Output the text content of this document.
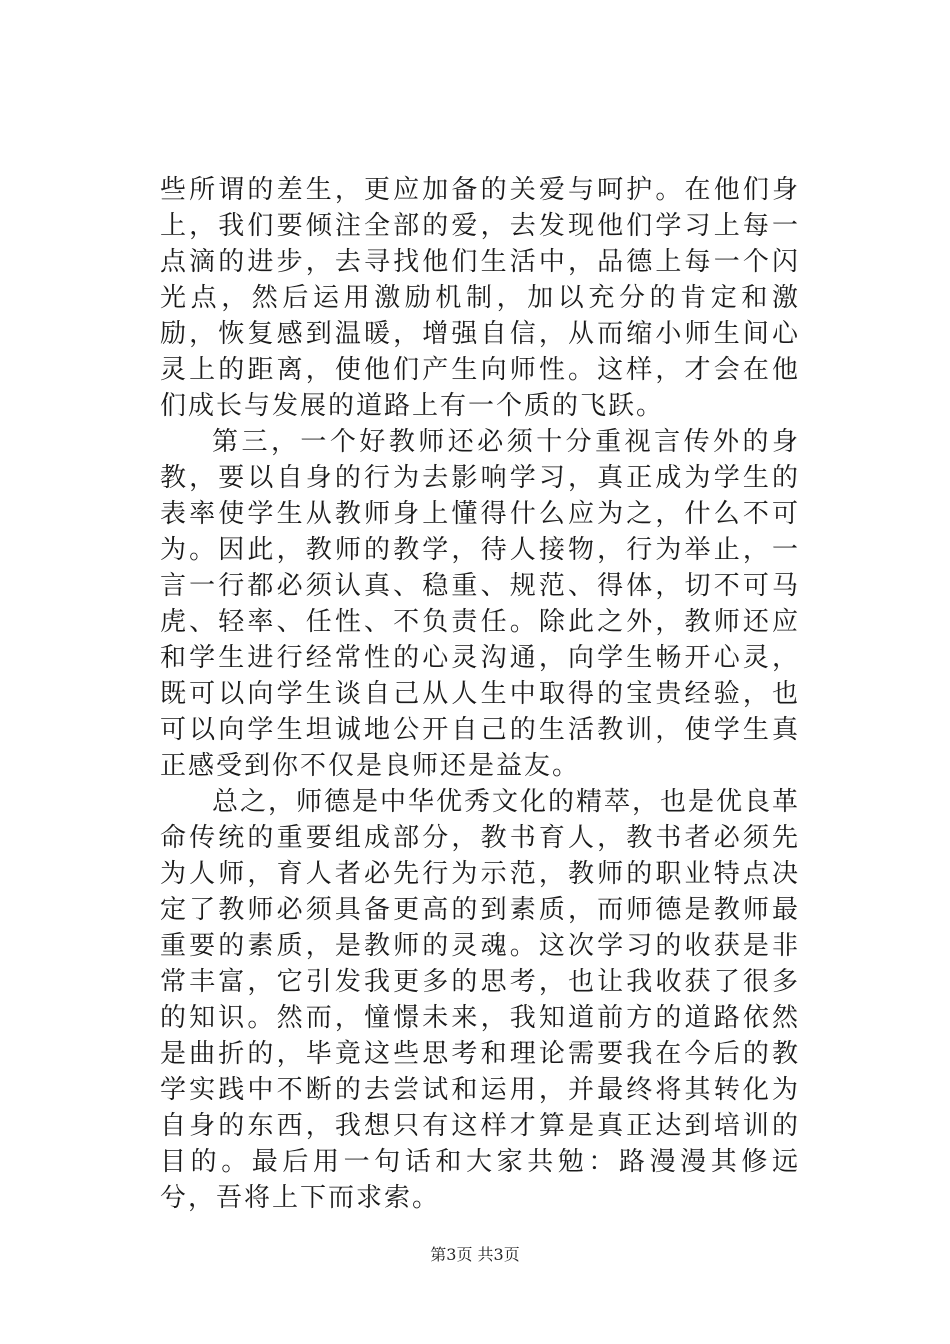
些所谓的差生，更应加备的关爱与呵护。在他们身上，我们要倾注全部的爱，去发现他们学习上每一点滴的进步，去寻找他们生活中，品德上每一个闪光点，然后运用激励机制，加以充分的肯定和激励，恢复感到温暖，增强自信，从而缩小师生间心灵上的距离，使他们产生向师性。这样，才会在他们成长与发展的道路上有一个质的飞跃。

第三，一个好教师还必须十分重视言传外的身教，要以自身的行为去影响学习，真正成为学生的表率使学生从教师身上懂得什么应为之，什么不可为。因此，教师的教学，待人接物，行为举止，一言一行都必须认真、稳重、规范、得体，切不可马虎、轻率、任性、不负责任。除此之外，教师还应和学生进行经常性的心灵沟通，向学生畅开心灵，既可以向学生谈自己从人生中取得的宝贵经验，也可以向学生坦诚地公开自己的生活教训，使学生真正感受到你不仅是良师还是益友。

总之，师德是中华优秀文化的精萃，也是优良革命传统的重要组成部分，教书育人，教书者必须先为人师，育人者必先行为示范，教师的职业特点决定了教师必须具备更高的到素质，而师德是教师最重要的素质，是教师的灵魂。这次学习的收获是非常丰富，它引发我更多的思考，也让我收获了很多的知识。然而，憧憬未来，我知道前方的道路依然是曲折的，毕竟这些思考和理论需要我在今后的教学实践中不断的去尝试和运用，并最终将其转化为自身的东西，我想只有这样才算是真正达到培训的目的。最后用一句话和大家共勉：路漫漫其修远兮，吾将上下而求索。

第3页 共3页
